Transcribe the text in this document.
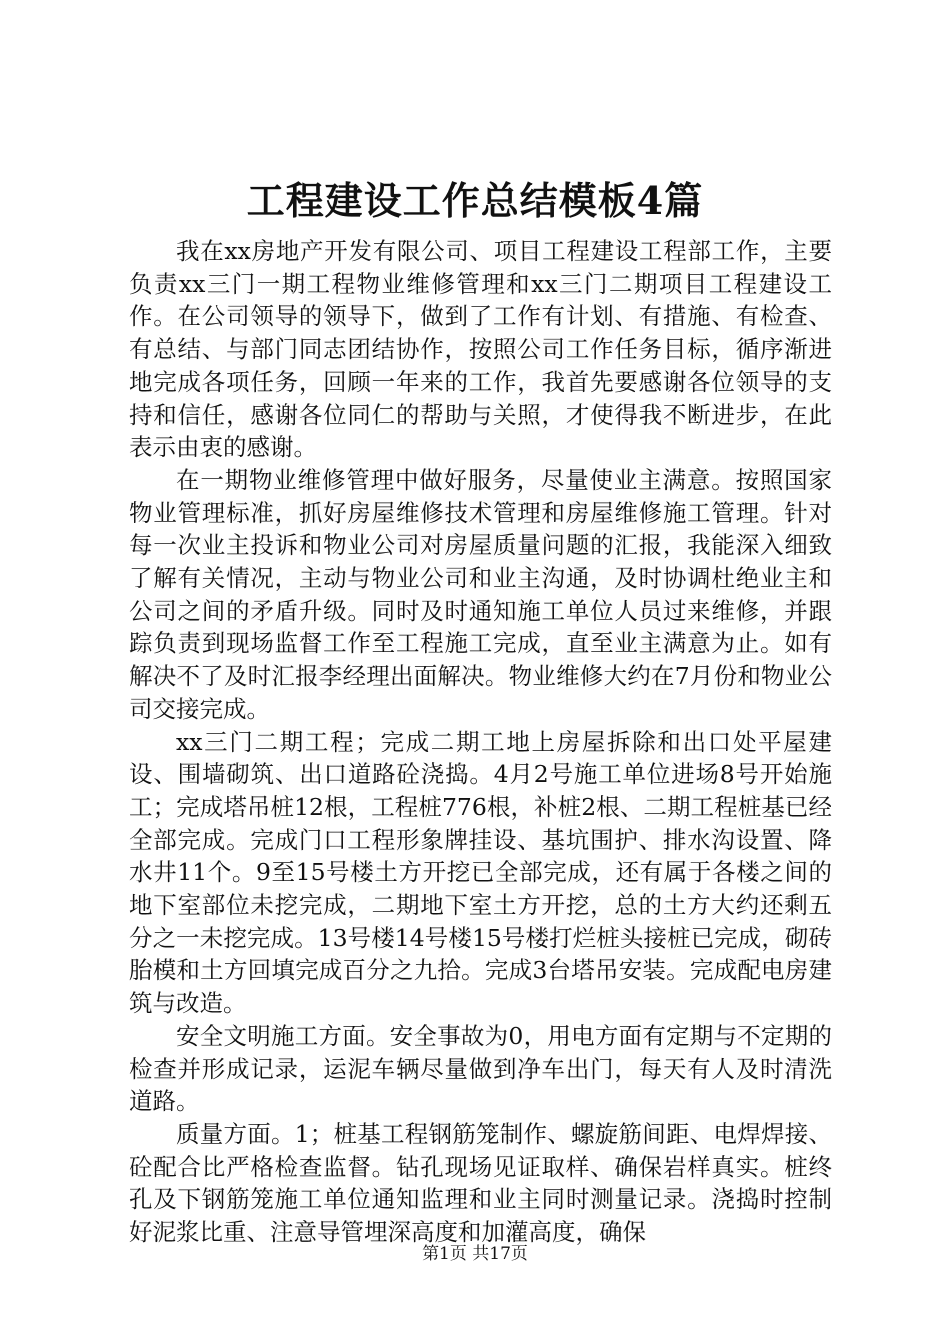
工程建设工作总结模板4篇

我在xx房地产开发有限公司、项目工程建设工程部工作，主要负责xx三门一期工程物业维修管理和xx三门二期项目工程建设工作。在公司领导的领导下，做到了工作有计划、有措施、有检查、有总结、与部门同志团结协作，按照公司工作任务目标，循序渐进地完成各项任务，回顾一年来的工作，我首先要感谢各位领导的支持和信任，感谢各位同仁的帮助与关照，才使得我不断进步，在此表示由衷的感谢。

在一期物业维修管理中做好服务，尽量使业主满意。按照国家物业管理标准，抓好房屋维修技术管理和房屋维修施工管理。针对每一次业主投诉和物业公司对房屋质量问题的汇报，我能深入细致了解有关情况，主动与物业公司和业主沟通，及时协调杜绝业主和公司之间的矛盾升级。同时及时通知施工单位人员过来维修，并跟踪负责到现场监督工作至工程施工完成，直至业主满意为止。如有解决不了及时汇报李经理出面解决。物业维修大约在7月份和物业公司交接完成。

xx三门二期工程；完成二期工地上房屋拆除和出口处平屋建设、围墙砌筑、出口道路砼浇捣。4月2号施工单位进场8号开始施工；完成塔吊桩12根，工程桩776根，补桩2根、二期工程桩基已经全部完成。完成门口工程形象牌挂设、基坑围护、排水沟设置、降水井11个。9至15号楼土方开挖已全部完成，还有属于各楼之间的地下室部位未挖完成，二期地下室土方开挖，总的土方大约还剩五分之一未挖完成。13号楼14号楼15号楼打烂桩头接桩已完成，砌砖胎模和土方回填完成百分之九拾。完成3台塔吊安装。完成配电房建筑与改造。

安全文明施工方面。安全事故为0，用电方面有定期与不定期的检查并形成记录，运泥车辆尽量做到净车出门，每天有人及时清洗道路。

质量方面。1；桩基工程钢筋笼制作、螺旋筋间距、电焊焊接、砼配合比严格检查监督。钻孔现场见证取样、确保岩样真实。桩终孔及下钢筋笼施工单位通知监理和业主同时测量记录。浇捣时控制好泥浆比重、注意导管埋深高度和加灌高度，确保

第1页 共17页
